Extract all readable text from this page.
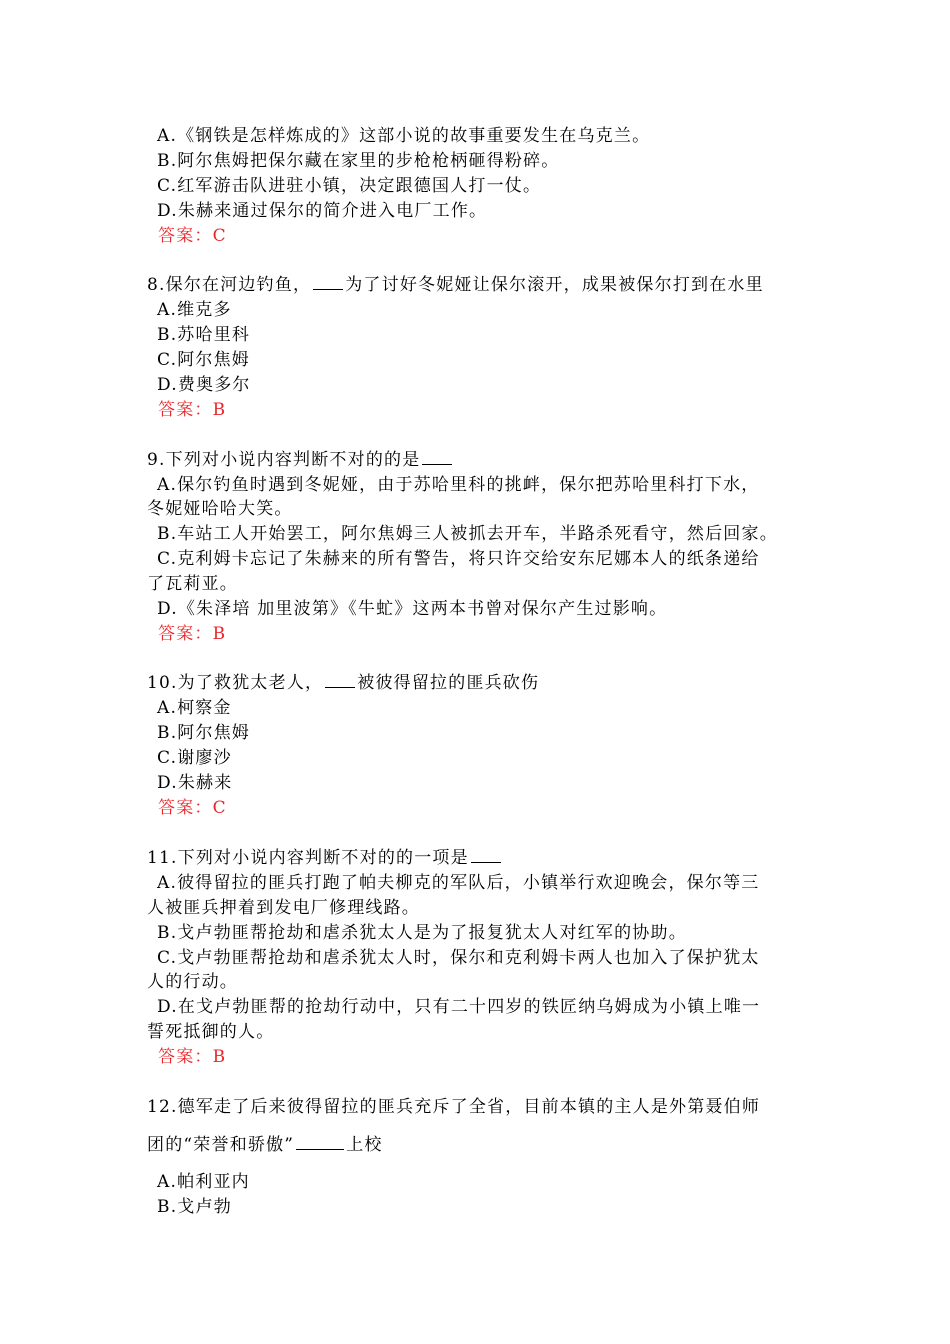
A.《钢铁是怎样炼成的》这部小说的故事重要发生在乌克兰。
B.阿尔焦姆把保尔藏在家里的步枪枪柄砸得粉碎。
C.红军游击队进驻小镇，决定跟德国人打一仗。
D.朱赫来通过保尔的简介进入电厂工作。
答案：C
8.保尔在河边钓鱼， 为了讨好冬妮娅让保尔滚开，成果被保尔打到在水里
A.维克多
B.苏哈里科
C.阿尔焦姆
D.费奥多尔
答案：B
9.下列对小说内容判断不对的的是
A.保尔钓鱼时遇到冬妮娅，由于苏哈里科的挑衅，保尔把苏哈里科打下水，
冬妮娅哈哈大笑。
B.车站工人开始罢工，阿尔焦姆三人被抓去开车，半路杀死看守，然后回家。
C.克利姆卡忘记了朱赫来的所有警告，将只许交给安东尼娜本人的纸条递给
了瓦莉亚。
D.《朱泽培 加里波第》《牛虻》这两本书曾对保尔产生过影响。
答案：B
10.为了救犹太老人， 被彼得留拉的匪兵砍伤
A.柯察金
B.阿尔焦姆
C.谢廖沙
D.朱赫来
答案：C
11.下列对小说内容判断不对的的一项是
A.彼得留拉的匪兵打跑了帕夫柳克的军队后，小镇举行欢迎晚会，保尔等三
人被匪兵押着到发电厂修理线路。
B.戈卢勃匪帮抢劫和虐杀犹太人是为了报复犹太人对红军的协助。
C.戈卢勃匪帮抢劫和虐杀犹太人时，保尔和克利姆卡两人也加入了保护犹太
人的行动。
D.在戈卢勃匪帮的抢劫行动中，只有二十四岁的铁匠纳乌姆成为小镇上唯一
誓死抵御的人。
答案：B
12.德军走了后来彼得留拉的匪兵充斥了全省，目前本镇的主人是外第聂伯师
团的“荣誉和骄傲”	上校
A.帕利亚内
B.戈卢勃
